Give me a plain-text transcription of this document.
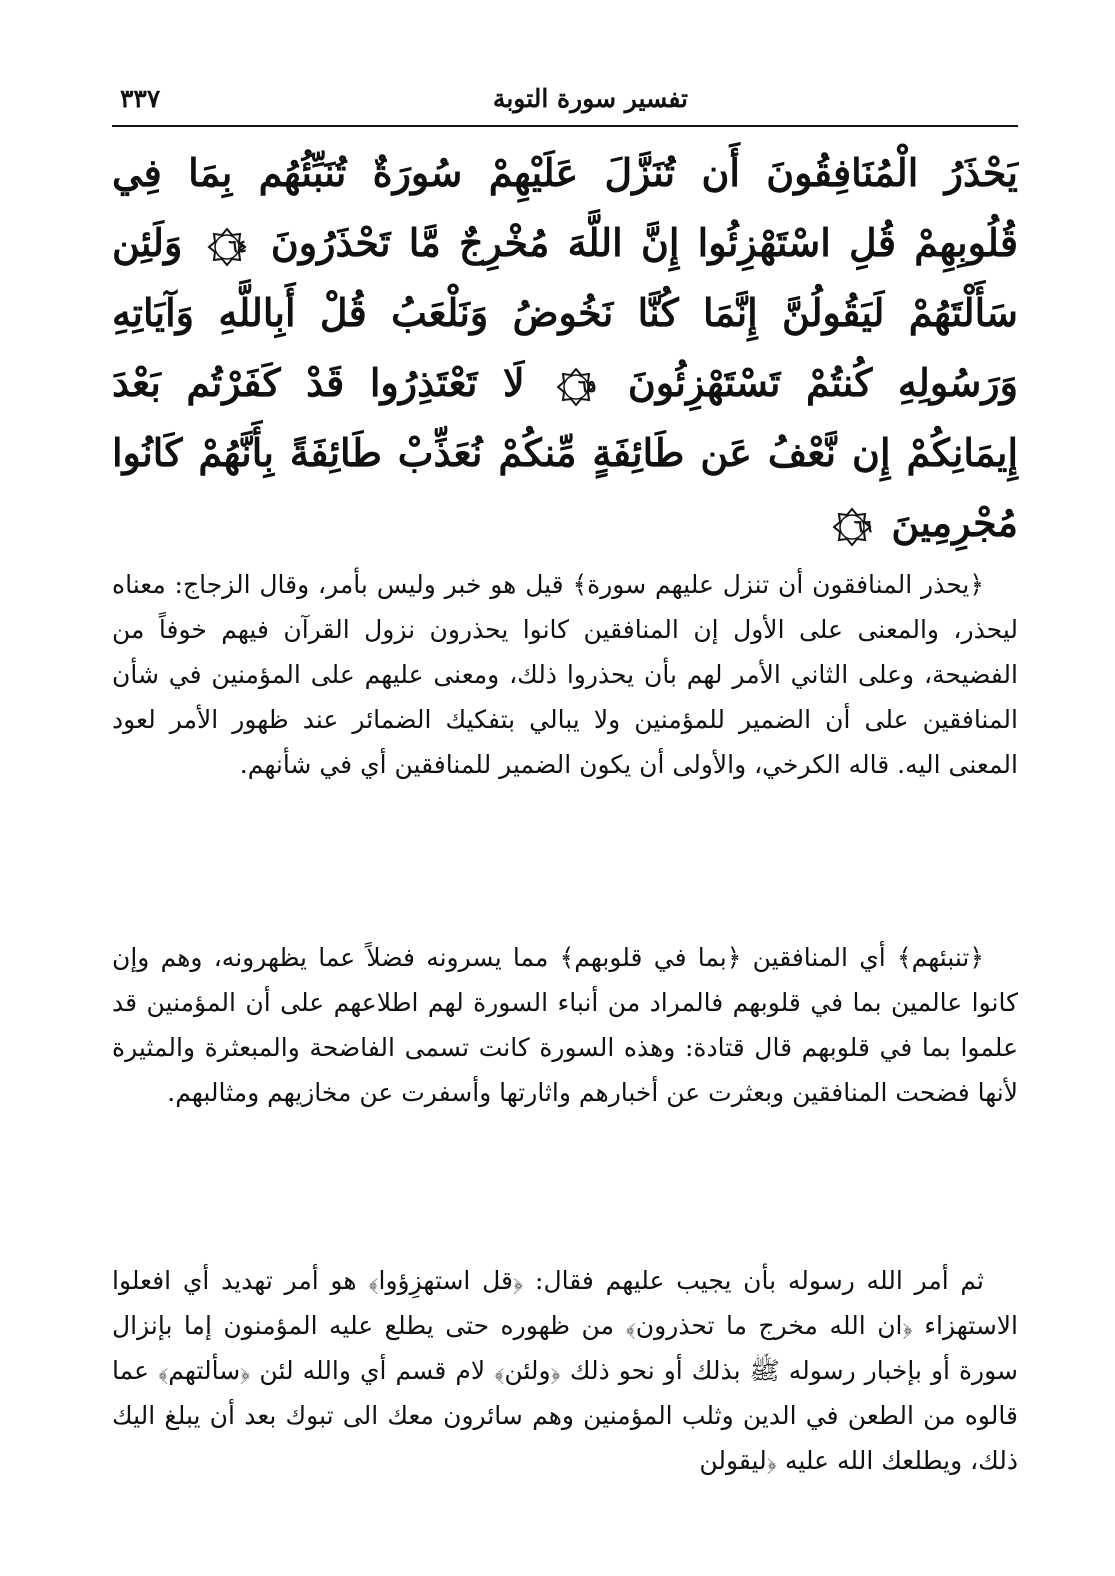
تفسير سورة التوبة
٣٣٧
يَحْذَرُ الْمُنَافِقُونَ أَن تُنَزَّلَ عَلَيْهِمْ سُورَةٌ تُنَبِّئُهُم بِمَا فِي قُلُوبِهِمْ قُلِ اسْتَهْزِئُوا إِنَّ اللَّهَ مُخْرِجٌ مَّا تَحْذَرُونَ
٦٤ وَلَئِن سَأَلْتَهُمْ لَيَقُولُنَّ إِنَّمَا كُنَّا نَخُوضُ وَنَلْعَبُ قُلْ أَبِاللَّهِ وَآيَاتِهِ وَرَسُولِهِ كُنتُمْ تَسْتَهْزِئُونَ
٦٥ لَا تَعْتَذِرُوا قَدْ كَفَرْتُم بَعْدَ إِيمَانِكُمْ إِن نَّعْفُ عَن طَائِفَةٍ مِّنكُمْ نُعَذِّبْ طَائِفَةً بِأَنَّهُمْ كَانُوا مُجْرِمِينَ
٦٦

﴿يحذر المنافقون أن تنزل عليهم سورة﴾ قيل هو خبر وليس بأمر، وقال الزجاج: معناه ليحذر، والمعنى على الأول إن المنافقين كانوا يحذرون نزول القرآن فيهم خوفاً من الفضيحة، وعلى الثاني الأمر لهم بأن يحذروا ذلك، ومعنى عليهم على المؤمنين في شأن المنافقين على أن الضمير للمؤمنين ولا يبالي بتفكيك الضمائر عند ظهور الأمر لعود المعنى اليه. قاله الكرخي، والأولى أن يكون الضمير للمنافقين أي في شأنهم.

﴿تنبئهم﴾ أي المنافقين ﴿بما في قلوبهم﴾ مما يسرونه فضلاً عما يظهرونه، وهم وإن كانوا عالمين بما في قلوبهم فالمراد من أنباء السورة لهم اطلاعهم على أن المؤمنين قد علموا بما في قلوبهم قال قتادة: وهذه السورة كانت تسمى الفاضحة والمبعثرة والمثيرة لأنها فضحت المنافقين وبعثرت عن أخبارهم واثارتها وأسفرت عن مخازيهم ومثالبهم.

ثم أمر الله رسوله بأن يجيب عليهم فقال: ﴿قل استهزِؤوا﴾ هو أمر تهديد أي افعلوا الاستهزاء ﴿ان الله مخرج ما تحذرون﴾ من ظهوره حتى يطلع عليه المؤمنون إما بإنزال سورة أو بإخبار رسوله ﷺ بذلك أو نحو ذلك ﴿ولئن﴾ لام قسم أي والله لئن ﴿سألتهم﴾ عما قالوه من الطعن في الدين وثلب المؤمنين وهم سائرون معك الى تبوك بعد أن يبلغ اليك ذلك، ويطلعك الله عليه ﴿ليقولن
